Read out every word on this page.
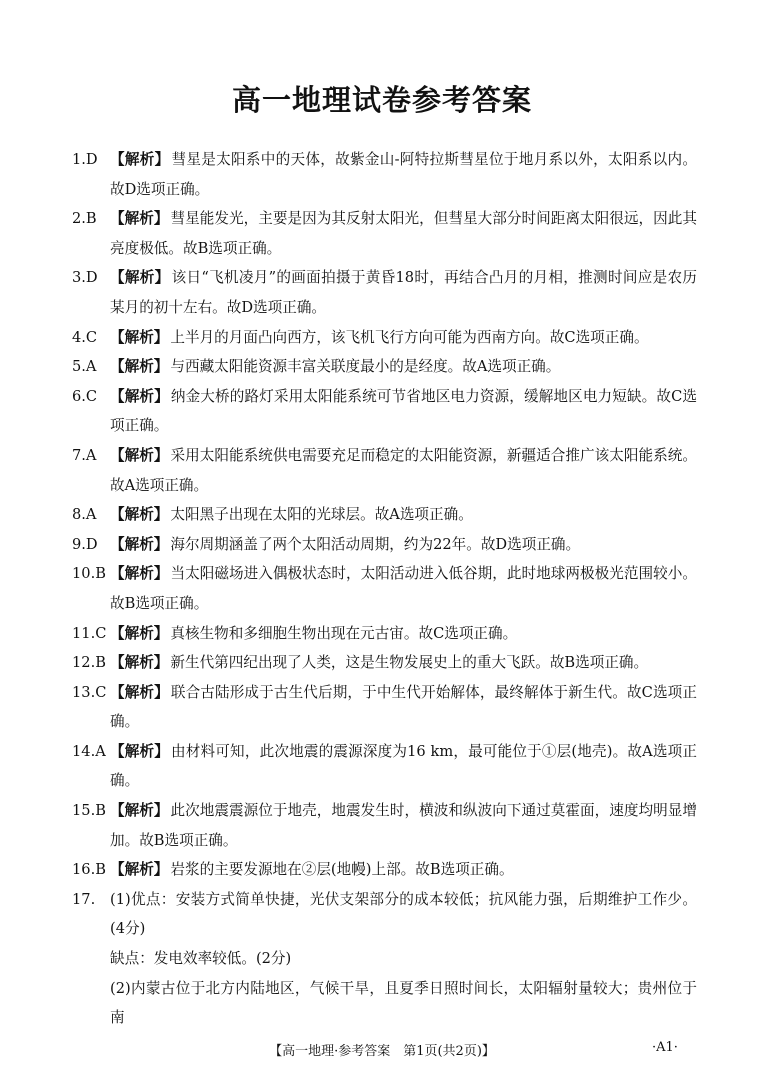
高一地理试卷参考答案
1.D 【解析】 彗星是太阳系中的天体，故紫金山-阿特拉斯彗星位于地月系以外，太阳系以内。故D选项正确。
2.B 【解析】 彗星能发光，主要是因为其反射太阳光，但彗星大部分时间距离太阳很远，因此其亮度极低。故B选项正确。
3.D 【解析】 该日“飞机凌月”的画面拍摄于黄昏18时，再结合凸月的月相，推测时间应是农历某月的初十左右。故D选项正确。
4.C 【解析】 上半月的月面凸向西方，该飞机飞行方向可能为西南方向。故C选项正确。
5.A 【解析】 与西藏太阳能资源丰富关联度最小的是经度。故A选项正确。
6.C 【解析】 纳金大桥的路灯采用太阳能系统可节省地区电力资源，缓解地区电力短缺。故C选项正确。
7.A 【解析】 采用太阳能系统供电需要充足而稳定的太阳能资源，新疆适合推广该太阳能系统。故A选项正确。
8.A 【解析】 太阳黑子出现在太阳的光球层。故A选项正确。
9.D 【解析】 海尔周期涵盖了两个太阳活动周期，约为22年。故D选项正确。
10.B 【解析】 当太阳磁场进入偶极状态时，太阳活动进入低谷期，此时地球两极极光范围较小。故B选项正确。
11.C 【解析】 真核生物和多细胞生物出现在元古宙。故C选项正确。
12.B 【解析】 新生代第四纪出现了人类，这是生物发展史上的重大飞跃。故B选项正确。
13.C 【解析】 联合古陆形成于古生代后期，于中生代开始解体，最终解体于新生代。故C选项正确。
14.A 【解析】 由材料可知，此次地震的震源深度为16 km，最可能位于①层(地壳)。故A选项正确。
15.B 【解析】 此次地震震源位于地壳，地震发生时，横波和纵波向下通过莫霍面，速度均明显增加。故B选项正确。
16.B 【解析】 岩浆的主要发源地在②层(地幔)上部。故B选项正确。
17.	(1)优点：安装方式简单快捷，光伏支架部分的成本较低；抗风能力强，后期维护工作少。(4分)
缺点：发电效率较低。(2分)
(2)内蒙古位于北方内陆地区，气候干旱，且夏季日照时间长，太阳辐射量较大；贵州位于南
【高一地理·参考答案　第1页(共2页)】	·A1·
